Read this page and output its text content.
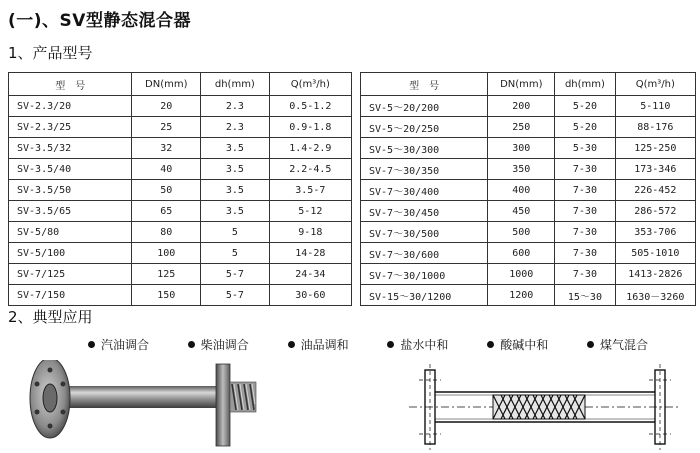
(一)、SV型静态混合器
1、产品型号
型　号	DN(mm)	dh(mm)	Q(m³/h)
SV-2.3/20	20	2.3	0.5-1.2
SV-2.3/25	25	2.3	0.9-1.8
SV-3.5/32	32	3.5	1.4-2.9
SV-3.5/40	40	3.5	2.2-4.5
SV-3.5/50	50	3.5	3.5-7
SV-3.5/65	65	3.5	5-12
SV-5/80	80	5	9-18
SV-5/100	100	5	14-28
SV-7/125	125	5-7	24-34
SV-7/150	150	5-7	30-60
型　号	DN(mm)	dh(mm)	Q(m³/h)
SV-5～20/200	200	5-20	5-110
SV-5～20/250	250	5-20	88-176
SV-5～30/300	300	5-30	125-250
SV-7～30/350	350	7-30	173-346
SV-7～30/400	400	7-30	226-452
SV-7～30/450	450	7-30	286-572
SV-7～30/500	500	7-30	353-706
SV-7～30/600	600	7-30	505-1010
SV-7～30/1000	1000	7-30	1413-2826
SV-15～30/1200	1200	15～30	1630－3260
2、典型应用
汽油调合	柴油调合	油品调和	盐水中和	酸碱中和	煤气混合
